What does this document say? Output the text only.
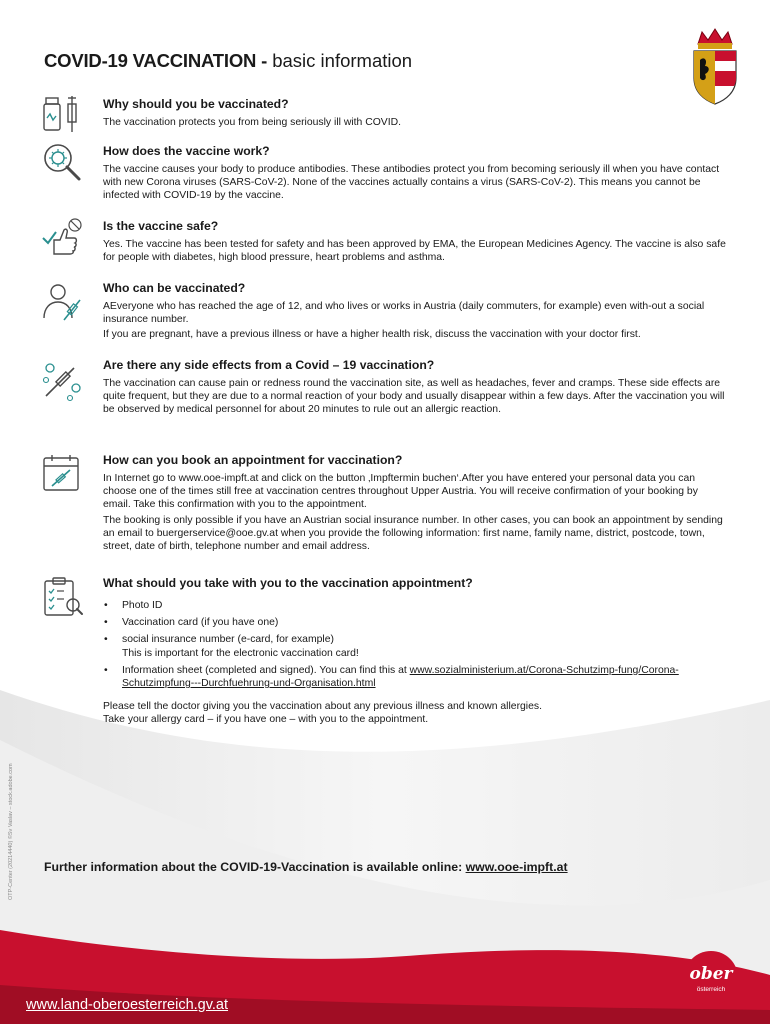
COVID-19 VACCINATION - basic information
Why should you be vaccinated?

The vaccination protects you from being seriously ill with COVID.

How does the vaccine work?

The vaccine causes your body to produce antibodies. These antibodies protect you from becoming seriously ill when you have contact with new Corona viruses (SARS-CoV-2). None of the vaccines actually contains a virus (SARS-CoV-2). This means you cannot be infected with COVID-19 by the vaccine.

Is the vaccine safe?

Yes. The vaccine has been tested for safety and has been approved by EMA, the European Medicines Agency. The vaccine is also safe for people with diabetes, high blood pressure, heart problems and asthma.

Who can be vaccinated?

AEveryone who has reached the age of 12, and who lives or works in Austria (daily commuters, for example) even with-out a social insurance number.

If you are pregnant, have a previous illness or have a higher health risk, discuss the vaccination with your doctor first.

Are there any side effects from a Covid – 19 vaccination?

The vaccination can cause pain or redness round the vaccination site, as well as headaches, fever and cramps. These side effects are quite frequent, but they are due to a normal reaction of your body and usually disappear within a few days. After the vaccination you will be observed by medical personnel for about 20 minutes to rule out an allergic reaction.

How can you book an appointment for vaccination?

In Internet go to www.ooe-impft.at and click on the button ‚Impftermin buchen‘.After you have entered your personal data you can choose one of the times still free at vaccination centres throughout Upper Austria. You will receive confirmation of your booking by email. Take this confirmation with you to the appointment.

The booking is only possible if you have an Austrian social insurance number. In other cases, you can book an appointment by sending an email to buergerservice@ooe.gv.at when you provide the following information: first name, family name, district, postcode, town, street, date of birth, telephone number and email address.

What should you take with you to the vaccination appointment?
• Photo ID
• Vaccination card (if you have one)
• social insurance number (e-card, for example)
This is important for the electronic vaccination card!
• Information sheet (completed and signed). You can find this at www.sozialministerium.at/Corona-Schutzimp-fung/Corona-Schutzimpfung---Durchfuehrung-und-Organisation.html

Please tell the doctor giving you the vaccination about any previous illness and known allergies.

Take your allergy card – if you have one – with you to the appointment.

OTP-Center (20214440) ©Sv Vaslav – stock.adobe.com Further information about the COVID-19-Vaccination is available online: www.ooe-impft.at

www.land-oberoesterreich.gv.at
ober
österreich
